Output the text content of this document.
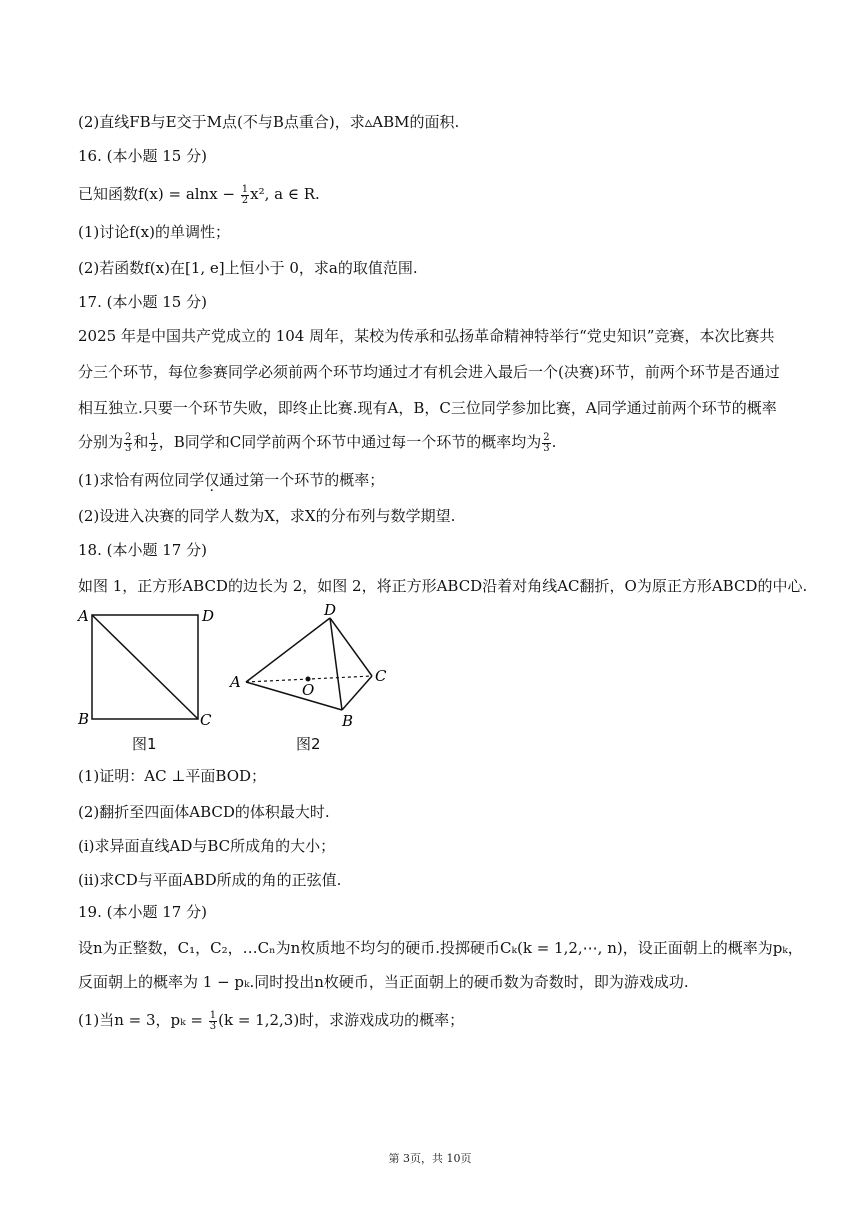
(2)直线FB与E交于M点(不与B点重合)，求▵ABM的面积.
16. (本小题 15 分)
已知函数$f(x) = alnx - \frac{1}{2} x^2$, a ∈ R.
(1)讨论f(x)的单调性；
(2)若函数f(x)在[1, e]上恒小于 0，求a的取值范围.
17. (本小题 15 分)
2025 年是中国共产党成立的 104 周年，某校为传承和弘扬革命精神特举行“党史知识”竞赛，本次比赛共
分三个环节，每位参赛同学必须前两个环节均通过才有机会进入最后一个(决赛)环节，前两个环节是否通过
相互独立.只要一个环节失败，即终止比赛.现有A，B，C三位同学参加比赛，A同学通过前两个环节的概率
分别为 $\frac{2}{3}$ 和 $\frac{1}{2}$ ，B同学和C同学前两个环节中通过每一个环节的概率均为 $\frac{2}{3}$ .
(1)求恰有两位同学仅通过第一个环节的概率；
(2)设进入决赛的同学人数为X，求X的分布列与数学期望.
18. (本小题 17 分)
如图 1，正方形ABCD的边长为 2，如图 2，将正方形ABCD沿着对角线AC翻折，O为原正方形ABCD的中心.
A	D
B	C
图1
D
A	C
B
O
图2
(1)证明：AC ⊥平面BOD；
(2)翻折至四面体ABCD的体积最大时.
(i)求异面直线AD与BC所成角的大小；
(ii)求CD与平面ABD所成的角的正弦值.
19. (本小题 17 分)
设n为正整数，C₁，C₂，…Cₙ为n枚质地不均匀的硬币.投掷硬币Cₖ(k = 1,2,⋯, n)，设正面朝上的概率为pₖ，
反面朝上的概率为 1 − pₖ.同时投出n枚硬币，当正面朝上的硬币数为奇数时，即为游戏成功.
(1)当n = 3，$p_k = \frac{1}{3} (k = 1,2,3)$时，求游戏成功的概率；
第 3页，共 10页
